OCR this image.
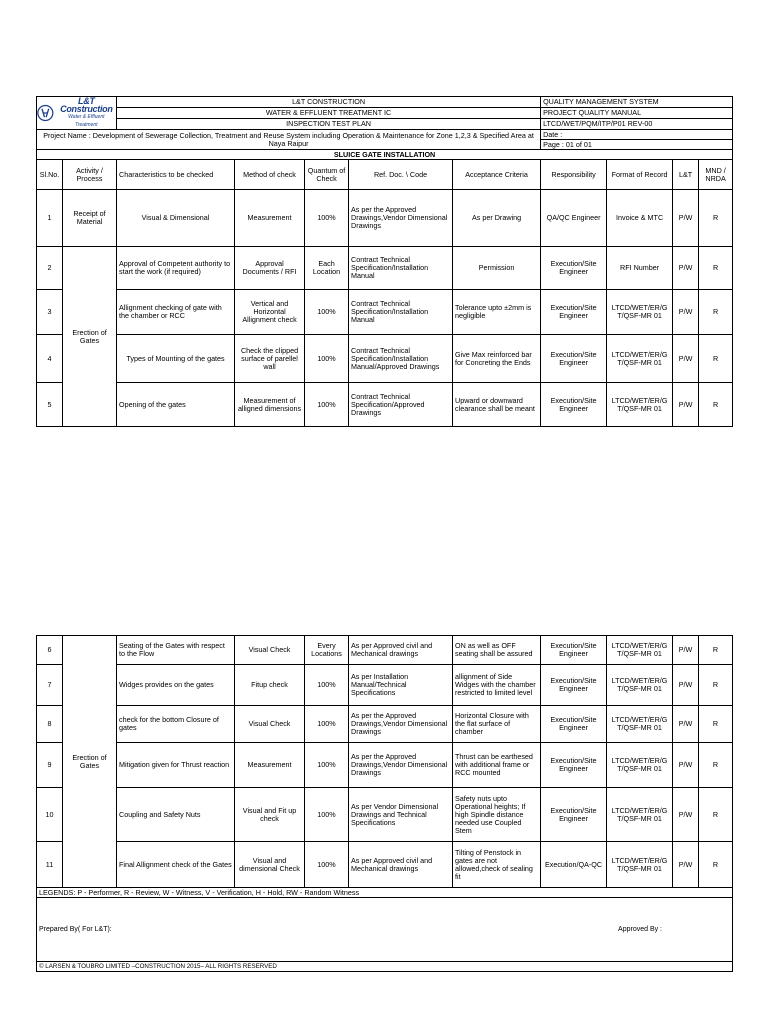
L&T Construction
Water & Effluent Treatment		L&T CONSTRUCTION					QUALITY MANAGEMENT SYSTEM			
		WATER & EFFLUENT TREATMENT IC					PROJECT QUALITY MANUAL			
		INSPECTION TEST PLAN					LTCD/WET/PQM/ITP/P01 REV-00			
Project Name : Development of Sewerage Collection, Treatment and Reuse System including Operation & Maintenance for Zone 1,2,3 & Specified Area at Naya Raipur							Date :			
							Page : 01 of 01			
SLUICE GATE INSTALLATION										
Sl.No.	Activity / Process	Characteristics to be checked	Method of check	Quantum of Check	Ref. Doc. \ Code	Acceptance Criteria	Responsibility	Format of Record	L&T	MND / NRDA
1	Receipt of Material	Visual & Dimensional	Measurement	100%	As per the Approved Drawings,Vendor Dimensional Drawings	As per Drawing	QA/QC Engineer	Invoice & MTC	P/W	R
2	Erection of Gates	Approval of Competent authority to start the work (if required)	Approval Documents / RFI	Each Location	Contract Technical Specification/Installation Manual	Permission	Execution/Site Engineer	RFI Number	P/W	R
3		Allignment checking of gate with the chamber or RCC	Vertical and Horizontal Allignment check	100%	Contract Technical Specification/Installation Manual	Tolerance upto ±2mm is negligible	Execution/Site Engineer	LTCD/WET/ER/G T/QSF-MR 01	P/W	R
4		Types of Mounting of the gates	Check the clipped surface of parellel wall	100%	Contract Technical Specification/Installation Manual/Approved Drawings	Give Max reinforced bar for Concreting the Ends	Execution/Site Engineer	LTCD/WET/ER/G T/QSF-MR 01	P/W	R
5		Opening of the gates	Measurement of alligned dimensions	100%	Contract Technical Specification/Approved Drawings	Upward or downward clearance shall be meant	Execution/Site Engineer	LTCD/WET/ER/G T/QSF-MR 01	P/W	R
6	Erection of Gates	Seating of the Gates with respect to the Flow	Visual Check	Every Locations	As per Approved civil and Mechanical drawings	ON as well as OFF seating shall be assured	Execution/Site Engineer	LTCD/WET/ER/G T/QSF-MR 01	P/W	R
7		Widges provides on the gates	Fitup check	100%	As per Installation Manual/Technical Specifications	allignment of Side Widges with the chamber restricted to limited level	Execution/Site Engineer	LTCD/WET/ER/G T/QSF-MR 01	P/W	R
8		check for the bottom Closure of gates	Visual Check	100%	As per the Approved Drawings,Vendor Dimensional Drawings	Horizontal Closure with the flat surface of chamber	Execution/Site Engineer	LTCD/WET/ER/G T/QSF-MR 01	P/W	R
9		Mitigation given for Thrust reaction	Measurement	100%	As per the Approved Drawings,Vendor Dimensional Drawings	Thrust can be earthesed with additional frame or RCC mounted	Execution/Site Engineer	LTCD/WET/ER/G T/QSF-MR 01	P/W	R
10		Coupling and Safety Nuts	Visual and Fit up check	100%	As per Vendor Dimensional Drawings and Technical Specifications	Safety nuts upto Operational heights; If high Spindle distance needed use Coupled Stem	Execution/Site Engineer	LTCD/WET/ER/G T/QSF-MR 01	P/W	R
11		Final Allignment check of the Gates	Visual and dimensional Check	100%	As per Approved civil and Mechanical drawings	Tilting of Penstock in gates are not allowed,check of sealing fit	Execution/QA-QC	LTCD/WET/ER/G T/QSF-MR 01	P/W	R
LEGENDS: P - Performer, R - Review, W - Witness, V - Verification, H - Hold, RW - Random Witness										

Prepared By( For L&T): Approved By :										

© LARSEN & TOUBRO LIMITED –CONSTRUCTION 2015– ALL RIGHTS RESERVED										
